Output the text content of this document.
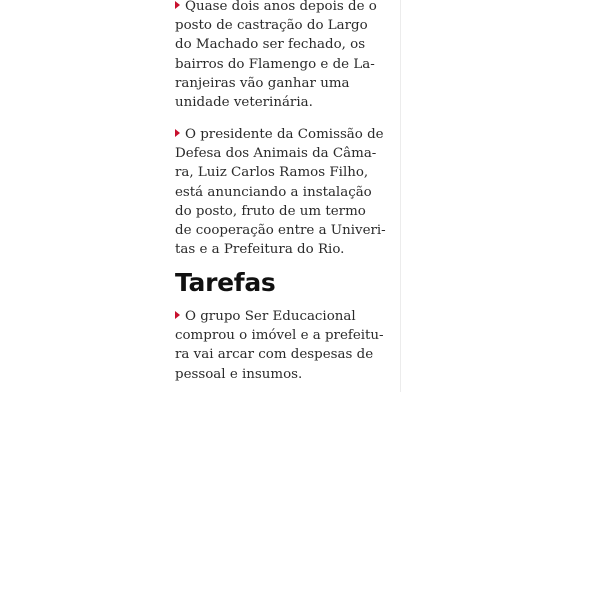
Quase dois anos depois de o
posto de castração do Largo
do Machado ser fechado, os
bairros do Flamengo e de La-
ranjeiras vão ganhar uma
unidade veterinária.
O presidente da Comissão de
Defesa dos Animais da Câma-
ra, Luiz Carlos Ramos Filho,
está anunciando a instalação
do posto, fruto de um termo
de cooperação entre a Univeri-
tas e a Prefeitura do Rio.
Tarefas
O grupo Ser Educacional
comprou o imóvel e a prefeitu-
ra vai arcar com despesas de
pessoal e insumos.
